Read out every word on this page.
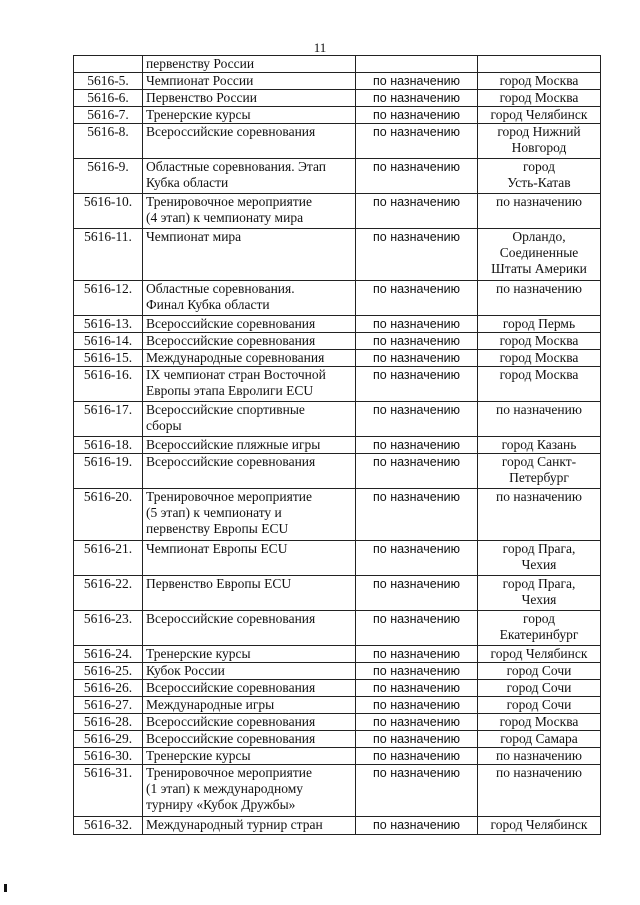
11
	первенству России		
5616-5.	Чемпионат России	по назначению	город Москва
5616-6.	Первенство России	по назначению	город Москва
5616-7.	Тренерские курсы	по назначению	город Челябинск
5616-8.	Всероссийские соревнования	по назначению	город Нижний
Новгород
5616-9.	Областные соревнования. Этап
Кубка области	по назначению	город
Усть-Катав
5616-10.	Тренировочное мероприятие
(4 этап) к чемпионату мира	по назначению	по назначению
5616-11.	Чемпионат мира	по назначению	Орландо,
Соединенные
Штаты Америки
5616-12.	Областные соревнования.
Финал Кубка области	по назначению	по назначению
5616-13.	Всероссийские соревнования	по назначению	город Пермь
5616-14.	Всероссийские соревнования	по назначению	город Москва
5616-15.	Международные соревнования	по назначению	город Москва
5616-16.	IX чемпионат стран Восточной
Европы этапа Евролиги ECU	по назначению	город Москва
5616-17.	Всероссийские спортивные
сборы	по назначению	по назначению
5616-18.	Всероссийские пляжные игры	по назначению	город Казань
5616-19.	Всероссийские соревнования	по назначению	город Санкт-
Петербург
5616-20.	Тренировочное мероприятие
(5 этап) к чемпионату и
первенству Европы ECU	по назначению	по назначению
5616-21.	Чемпионат Европы ECU	по назначению	город Прага,
Чехия
5616-22.	Первенство Европы ECU	по назначению	город Прага,
Чехия
5616-23.	Всероссийские соревнования	по назначению	город
Екатеринбург
5616-24.	Тренерские курсы	по назначению	город Челябинск
5616-25.	Кубок России	по назначению	город Сочи
5616-26.	Всероссийские соревнования	по назначению	город Сочи
5616-27.	Международные игры	по назначению	город Сочи
5616-28.	Всероссийские соревнования	по назначению	город Москва
5616-29.	Всероссийские соревнования	по назначению	город Самара
5616-30.	Тренерские курсы	по назначению	по назначению
5616-31.	Тренировочное мероприятие
(1 этап) к международному
турниру «Кубок Дружбы»	по назначению	по назначению
5616-32.	Международный турнир стран	по назначению	город Челябинск
